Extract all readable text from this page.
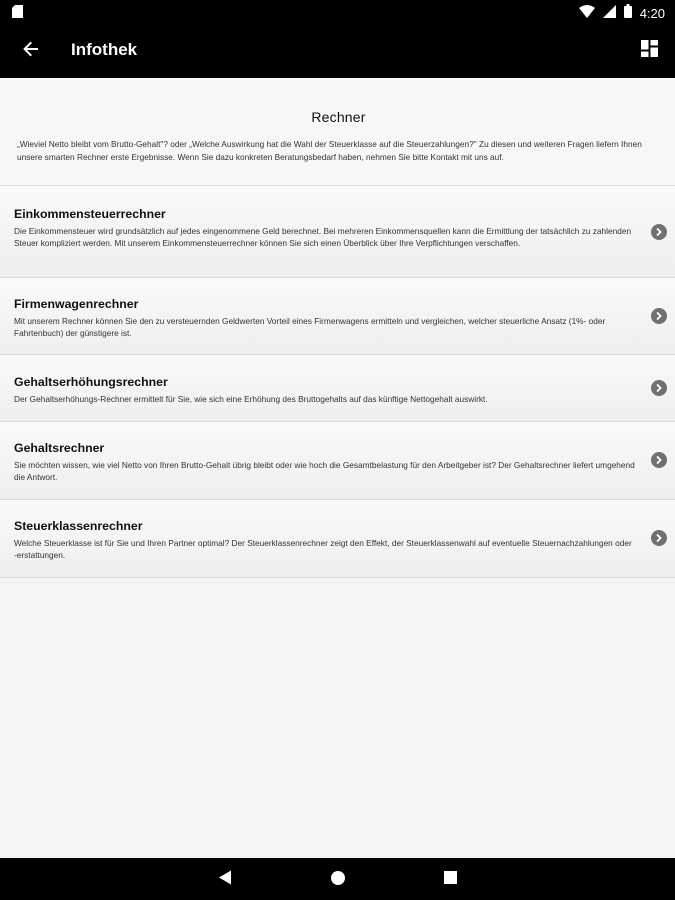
4:20
Infothek
Rechner

„Wieviel Netto bleibt vom Brutto-Gehalt"? oder „Welche Auswirkung hat die Wahl der Steuerklasse auf die Steuerzahlungen?" Zu diesen und weiteren Fragen liefern Ihnen unsere smarten Rechner erste Ergebnisse. Wenn Sie dazu konkreten Beratungsbedarf haben, nehmen Sie bitte Kontakt mit uns auf.

Einkommensteuerrechner
Die Einkommensteuer wird grundsätzlich auf jedes eingenommene Geld berechnet. Bei mehreren Einkommensquellen kann die Ermittlung der tatsächlich zu zahlenden Steuer kompliziert werden. Mit unserem Einkommensteuerrechner können Sie sich einen Überblick über Ihre Verpflichtungen verschaffen.
Firmenwagenrechner
Mit unserem Rechner können Sie den zu versteuernden Geldwerten Vorteil eines Firmenwagens ermitteln und vergleichen, welcher steuerliche Ansatz (1%- oder Fahrtenbuch) der günstigere ist.
Gehaltserhöhungsrechner
Der Gehaltserhöhungs-Rechner ermittelt für Sie, wie sich eine Erhöhung des Bruttogehalts auf das künftige Nettogehalt auswirkt.
Gehaltsrechner
Sie möchten wissen, wie viel Netto von Ihren Brutto-Gehalt übrig bleibt oder wie hoch die Gesamtbelastung für den Arbeitgeber ist? Der Gehaltsrechner liefert umgehend die Antwort.
Steuerklassenrechner
Welche Steuerklasse ist für Sie und Ihren Partner optimal? Der Steuerklassenrechner zeigt den Effekt, der Steuerklassenwahl auf eventuelle Steuernachzahlungen oder -erstattungen.
